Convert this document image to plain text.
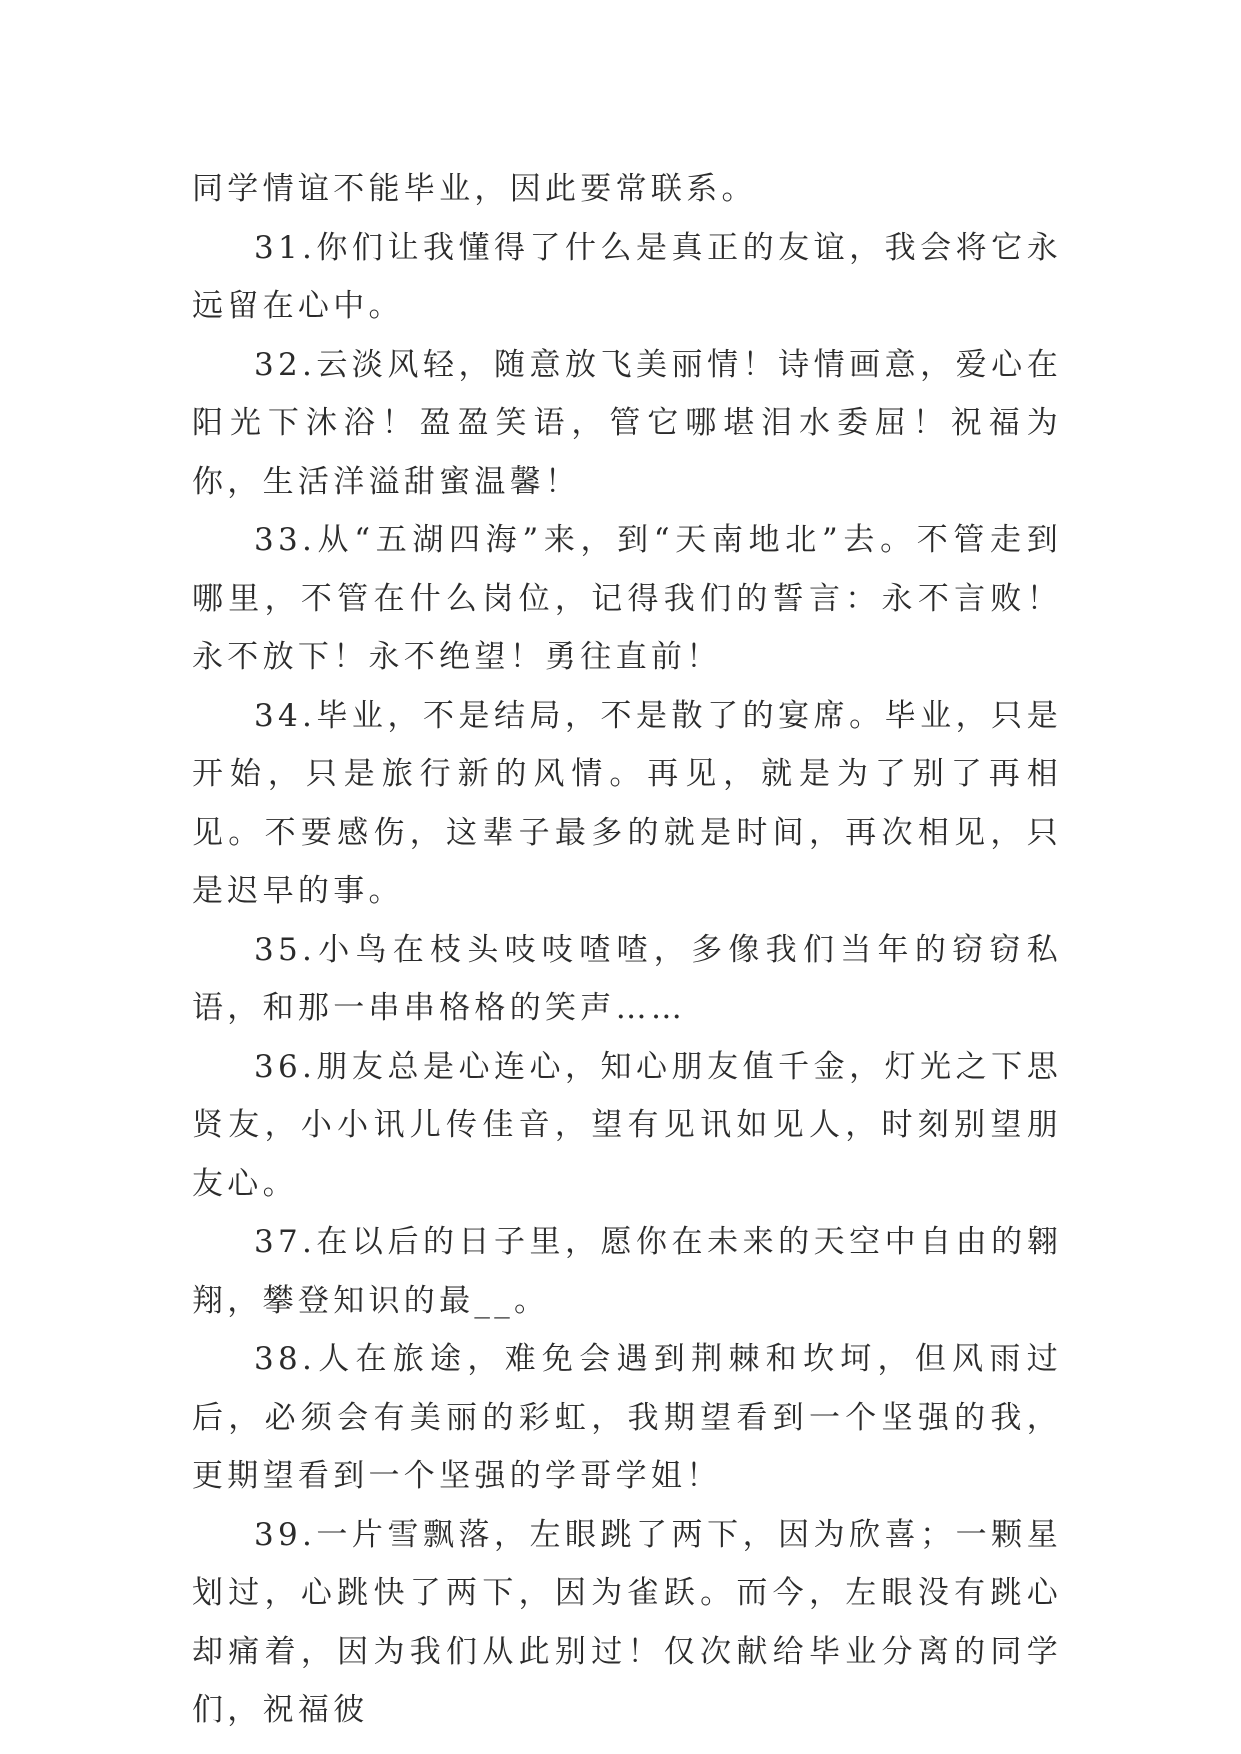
同学情谊不能毕业，因此要常联系。

31.你们让我懂得了什么是真正的友谊，我会将它永远留在心中。

32.云淡风轻，随意放飞美丽情！诗情画意，爱心在阳光下沐浴！盈盈笑语，管它哪堪泪水委屈！祝福为你，生活洋溢甜蜜温馨！

33.从“五湖四海”来，到“天南地北”去。不管走到哪里，不管在什么岗位，记得我们的誓言：永不言败！永不放下！永不绝望！勇往直前！

34.毕业，不是结局，不是散了的宴席。毕业，只是开始，只是旅行新的风情。再见，就是为了别了再相见。不要感伤，这辈子最多的就是时间，再次相见，只是迟早的事。

35.小鸟在枝头吱吱喳喳，多像我们当年的窃窃私语，和那一串串格格的笑声……

36.朋友总是心连心，知心朋友值千金，灯光之下思贤友，小小讯儿传佳音，望有见讯如见人，时刻别望朋友心。

37.在以后的日子里，愿你在未来的天空中自由的翱翔，攀登知识的最__。

38.人在旅途，难免会遇到荆棘和坎坷，但风雨过后，必须会有美丽的彩虹，我期望看到一个坚强的我，更期望看到一个坚强的学哥学姐！

39.一片雪飘落，左眼跳了两下，因为欣喜；一颗星划过，心跳快了两下，因为雀跃。而今，左眼没有跳心却痛着，因为我们从此别过！仅次献给毕业分离的同学们，祝福彼
